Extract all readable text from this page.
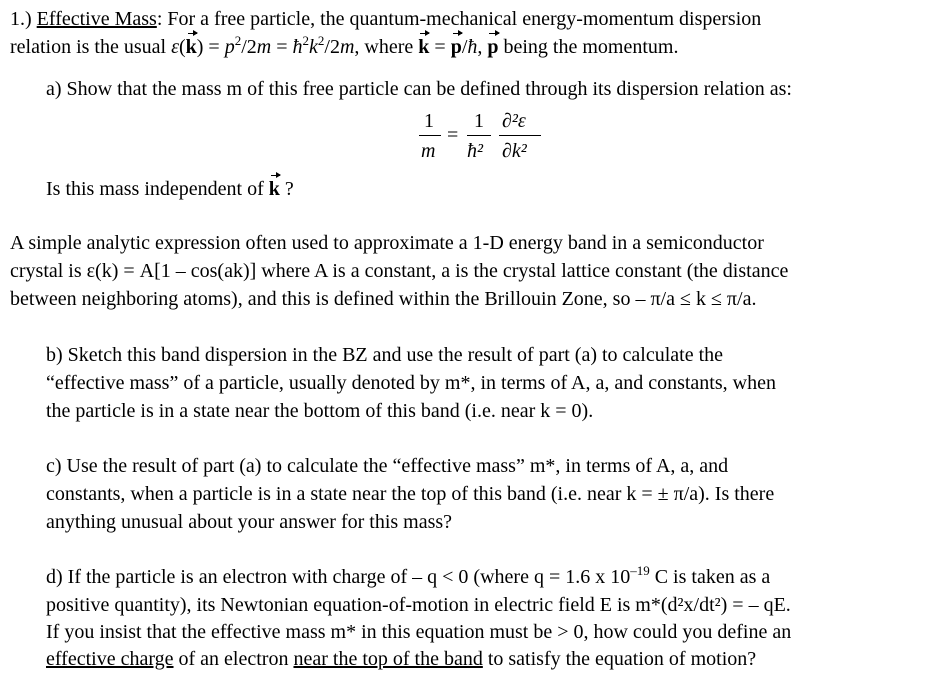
1.) Effective Mass: For a free particle, the quantum-mechanical energy-momentum dispersion
relation is the usual $\varepsilon(k) = p^2/2m$ = $ħ^2k^2/2m$, where k = p/ħ, p being the momentum.
a) Show that the mass m of this free particle can be defined through its dispersion relation as:
1
m
=
1
ħ²
∂²ε
∂k²
Is this mass independent of k ?
A simple analytic expression often used to approximate a 1-D energy band in a semiconductor
crystal is ε(k) = A[1 – cos(ak)] where A is a constant, a is the crystal lattice constant (the distance
between neighboring atoms), and this is defined within the Brillouin Zone, so – π/a ≤ k ≤ π/a.
b) Sketch this band dispersion in the BZ and use the result of part (a) to calculate the
“effective mass” of a particle, usually denoted by m*, in terms of A, a, and constants, when
the particle is in a state near the bottom of this band (i.e. near k = 0).
c) Use the result of part (a) to calculate the “effective mass” m*, in terms of A, a, and
constants, when a particle is in a state near the top of this band (i.e. near k = ± π/a). Is there
anything unusual about your answer for this mass?
d) If the particle is an electron with charge of – q < 0 (where q = 1.6 x $10^{-19}$ C is taken as a
positive quantity), its Newtonian equation-of-motion in electric field E is m*(d²x/dt²) = – qE.
If you insist that the effective mass m* in this equation must be > 0, how could you define an
effective charge of an electron near the top of the band to satisfy the equation of motion?
